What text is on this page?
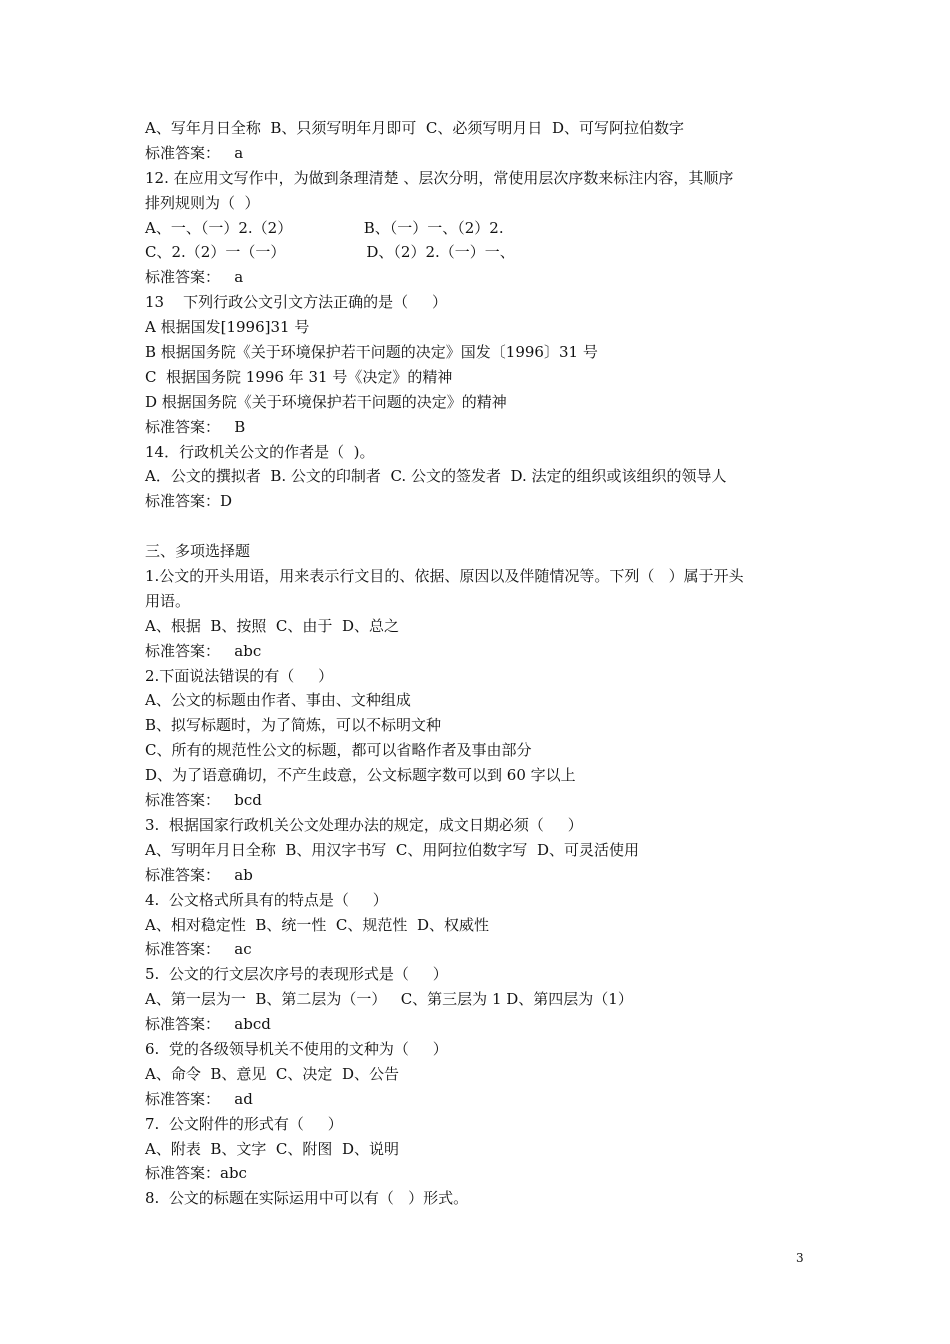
A、写年月日全称  B、只须写明年月即可  C、必须写明月日  D、可写阿拉伯数字
标准答案：   a
12. 在应用文写作中，为做到条理清楚 、层次分明，常使用层次序数来标注内容，其顺序
排列规则为（  ）
A、一、（一）2.（2）               B、（一）一、（2）2.
C、2.（2）一（一）                 D、（2）2.（一）一、
标准答案：   a
13    下列行政公文引文方法正确的是（     ）
A 根据国发[1996]31 号
B 根据国务院《关于环境保护若干问题的决定》国发〔1996〕31 号
C  根据国务院 1996 年 31 号《决定》的精神
D 根据国务院《关于环境保护若干问题的决定》的精神
标准答案：   B
14．行政机关公文的作者是（  )。
A．公文的撰拟者  B. 公文的印制者  C. 公文的签发者  D. 法定的组织或该组织的领导人
标准答案：D
三、多项选择题
1.公文的开头用语，用来表示行文目的、依据、原因以及伴随情况等。下列（   ）属于开头
用语。
A、根据  B、按照  C、由于  D、总之
标准答案：   abc
2.下面说法错误的有（     ）
A、公文的标题由作者、事由、文种组成
B、拟写标题时，为了简炼，可以不标明文种
C、所有的规范性公文的标题，都可以省略作者及事由部分
D、为了语意确切，不产生歧意，公文标题字数可以到 60 字以上
标准答案：   bcd
3.  根据国家行政机关公文处理办法的规定，成文日期必须（     ）
A、写明年月日全称  B、用汉字书写  C、用阿拉伯数字写  D、可灵活使用
标准答案：   ab
4.  公文格式所具有的特点是（     ）
A、相对稳定性  B、统一性  C、规范性  D、权威性
标准答案：   ac
5.  公文的行文层次序号的表现形式是（     ）
A、第一层为一  B、第二层为（一）   C、第三层为 1 D、第四层为（1）
标准答案：   abcd
6.  党的各级领导机关不使用的文种为（     ）
A、命令  B、意见  C、决定  D、公告
标准答案：   ad
7.  公文附件的形式有（     ）
A、附表  B、文字  C、附图  D、说明
标准答案：abc
8.  公文的标题在实际运用中可以有（   ）形式。
3
